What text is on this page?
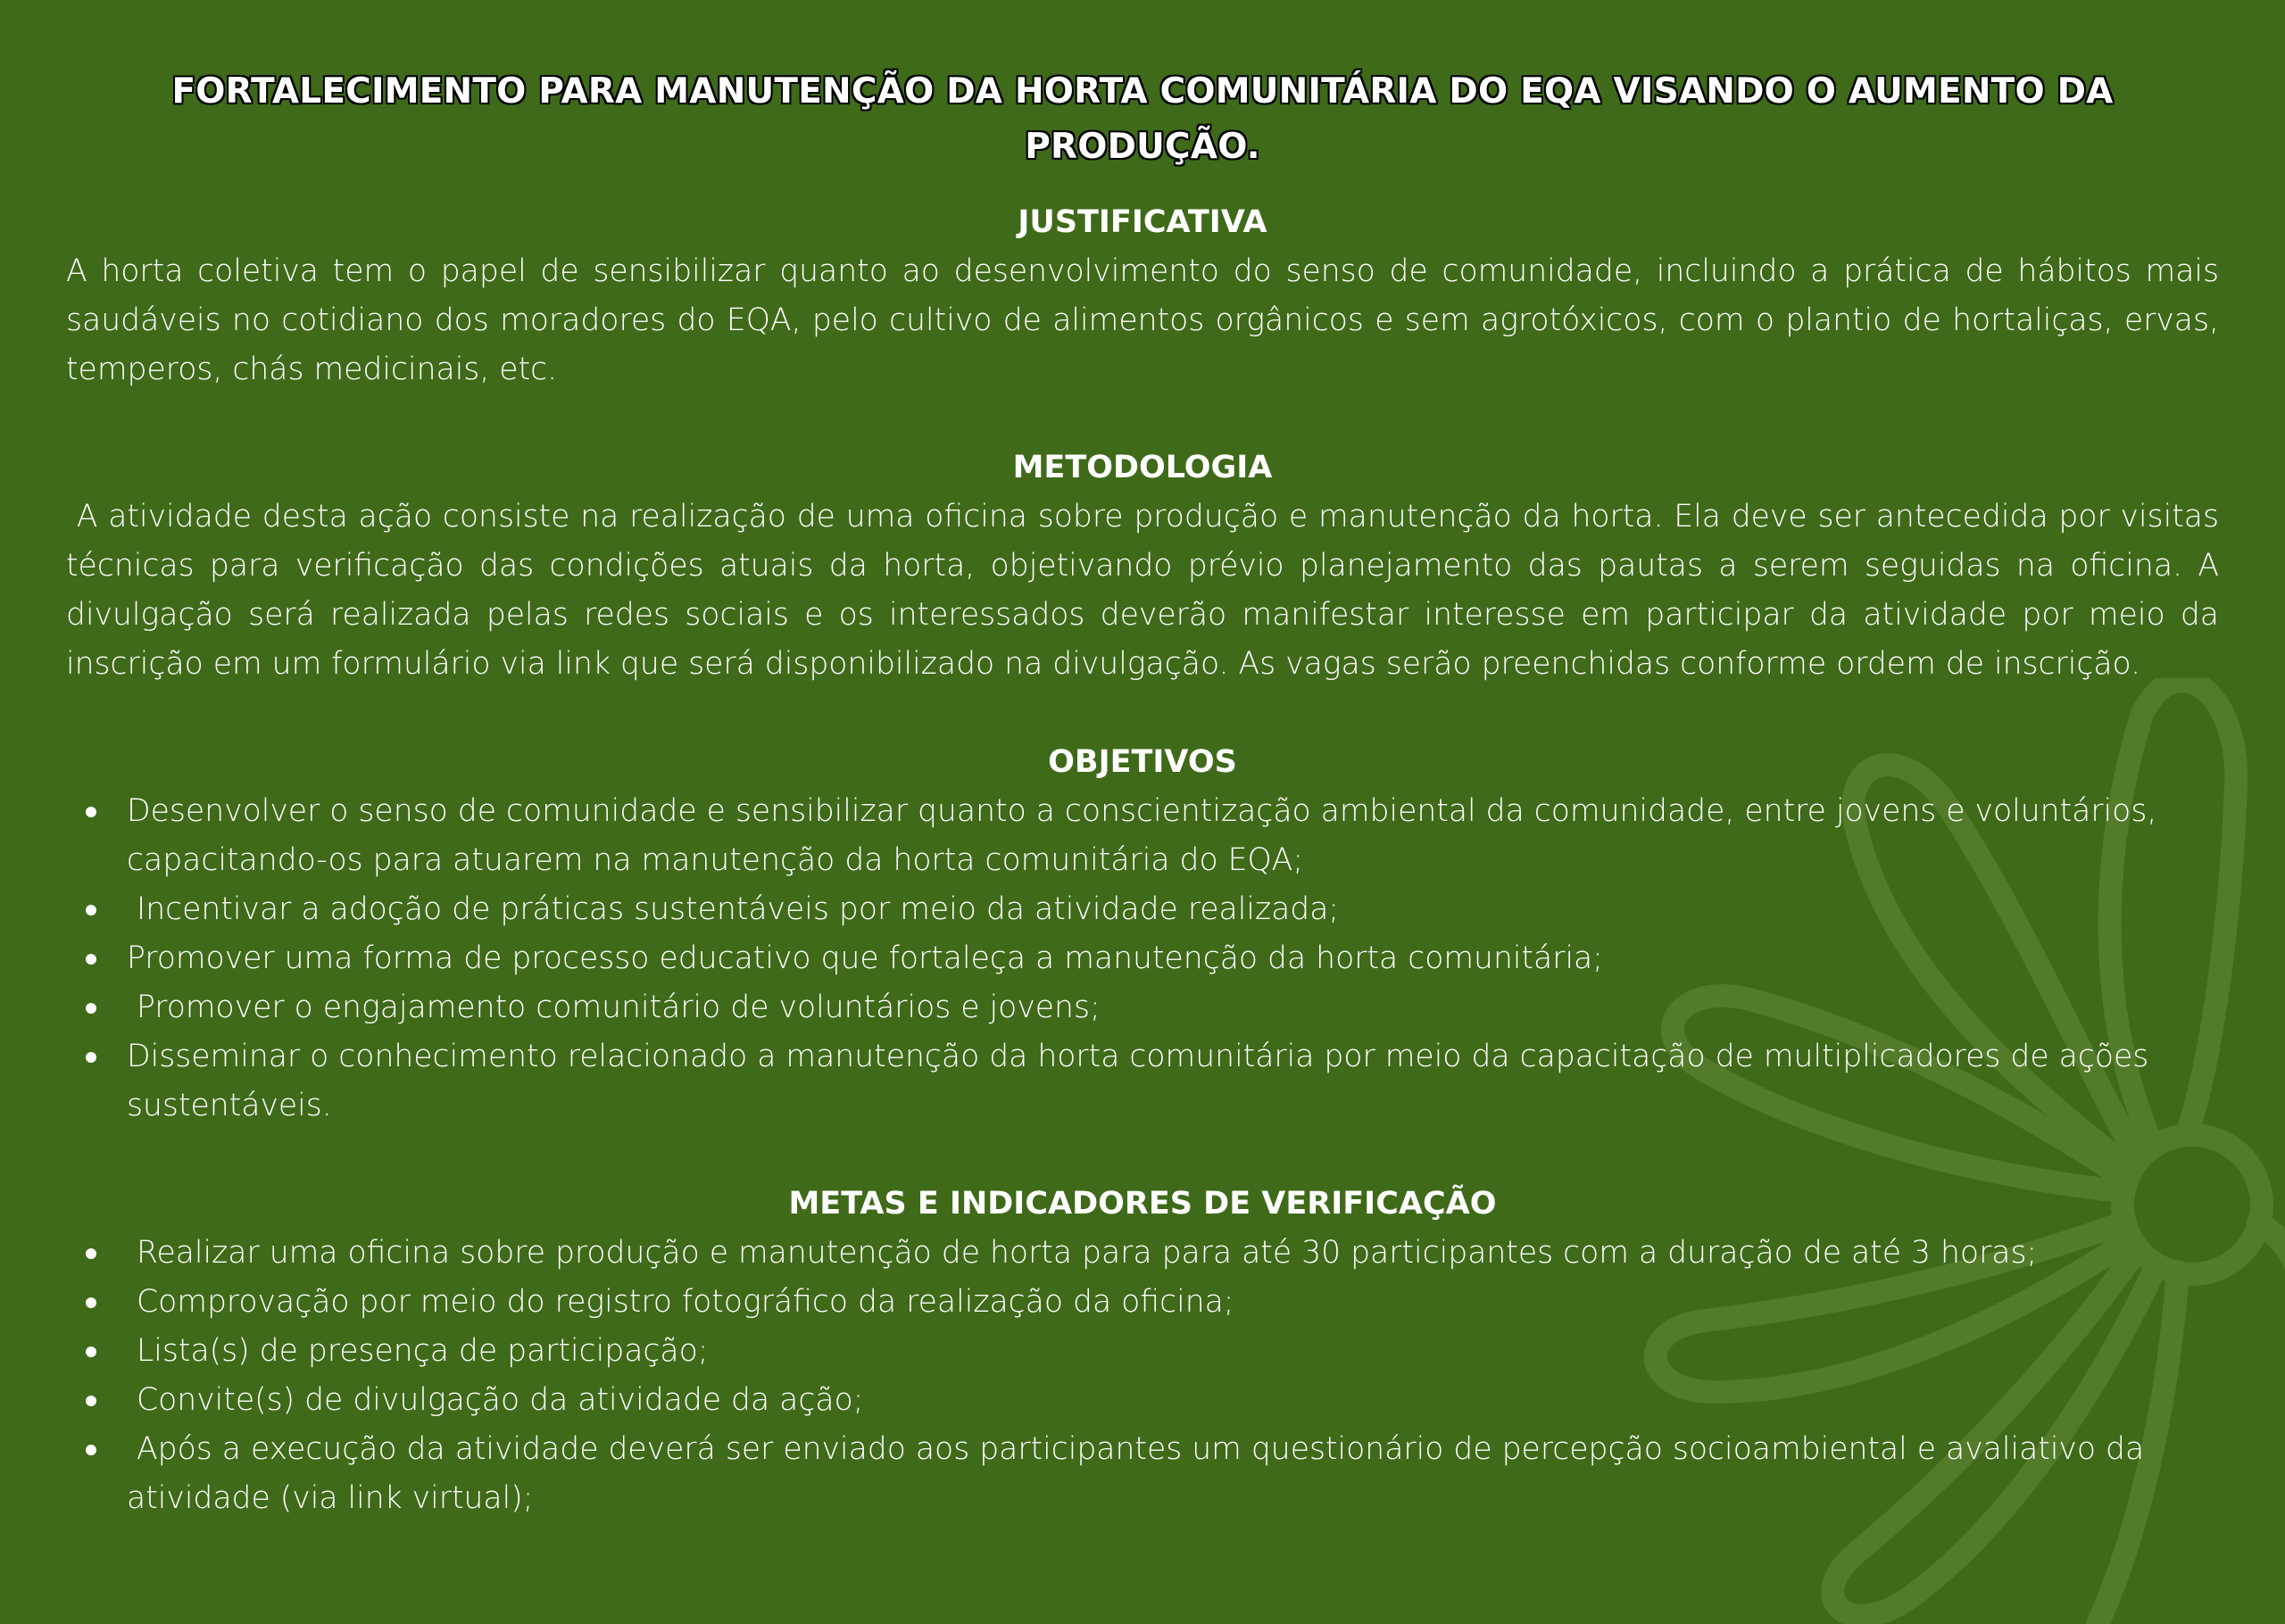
FORTALECIMENTO PARA MANUTENÇÃO DA HORTA COMUNITÁRIA DO EQA VISANDO O AUMENTO DA PRODUÇÃO.
JUSTIFICATIVA

A horta coletiva tem o papel de sensibilizar quanto ao desenvolvimento do senso de comunidade, incluindo a prática de hábitos mais saudáveis no cotidiano dos moradores do EQA, pelo cultivo de alimentos orgânicos e sem agrotóxicos, com o plantio de hortaliças, ervas, temperos, chás medicinais, etc.

METODOLOGIA

A atividade desta ação consiste na realização de uma oficina sobre produção e manutenção da horta. Ela deve ser antecedida por visitas técnicas para verificação das condições atuais da horta, objetivando prévio planejamento das pautas a serem seguidas na oficina. A divulgação será realizada pelas redes sociais e os interessados deverão manifestar interesse em participar da atividade por meio da inscrição em um formulário via link que será disponibilizado na divulgação. As vagas serão preenchidas conforme ordem de inscrição.

OBJETIVOS
Desenvolver o senso de comunidade e sensibilizar quanto a conscientização ambiental da comunidade, entre jovens e voluntários, capacitando-os para atuarem na manutenção da horta comunitária do EQA;
Incentivar a adoção de práticas sustentáveis por meio da atividade realizada;
Promover uma forma de processo educativo que fortaleça a manutenção da horta comunitária;
Promover o engajamento comunitário de voluntários e jovens;
Disseminar o conhecimento relacionado a manutenção da horta comunitária por meio da capacitação de multiplicadores de ações sustentáveis.
METAS E INDICADORES DE VERIFICAÇÃO
Realizar uma oficina sobre produção e manutenção de horta para para até 30 participantes com a duração de até 3 horas;
Comprovação por meio do registro fotográfico da realização da oficina;
Lista(s) de presença de participação;
Convite(s) de divulgação da atividade da ação;
Após a execução da atividade deverá ser enviado aos participantes um questionário de percepção socioambiental e avaliativo da atividade (via link virtual);
